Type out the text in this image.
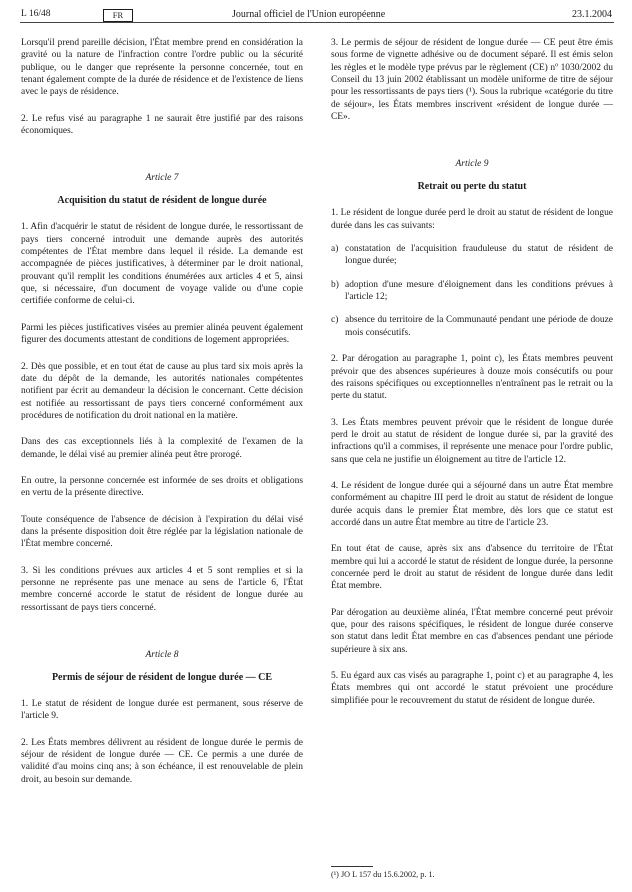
L 16/48	FR	Journal officiel de l'Union européenne	23.1.2004

Lorsqu'il prend pareille décision, l'État membre prend en considération la gravité ou la nature de l'infraction contre l'ordre public ou la sécurité publique, ou le danger que représente la personne concernée, tout en tenant également compte de la durée de résidence et de l'existence de liens avec le pays de résidence.

2. Le refus visé au paragraphe 1 ne saurait être justifié par des raisons économiques.

Article 7
Acquisition du statut de résident de longue durée

1. Afin d'acquérir le statut de résident de longue durée, le ressortissant de pays tiers concerné introduit une demande auprès des autorités compétentes de l'État membre dans lequel il réside. La demande est accompagnée de pièces justificatives, à déterminer par le droit national, prouvant qu'il remplit les conditions énumérées aux articles 4 et 5, ainsi que, si nécessaire, d'un document de voyage valide ou d'une copie certifiée conforme de celui-ci.

Parmi les pièces justificatives visées au premier alinéa peuvent également figurer des documents attestant de conditions de logement appropriées.

2. Dès que possible, et en tout état de cause au plus tard six mois après la date du dépôt de la demande, les autorités nationales compétentes notifient par écrit au demandeur la décision le concernant. Cette décision est notifiée au ressortissant de pays tiers concerné conformément aux procédures de notification du droit national en la matière.

Dans des cas exceptionnels liés à la complexité de l'examen de la demande, le délai visé au premier alinéa peut être prorogé.

En outre, la personne concernée est informée de ses droits et obligations en vertu de la présente directive.

Toute conséquence de l'absence de décision à l'expiration du délai visé dans la présente disposition doit être réglée par la législation nationale de l'État membre concerné.

3. Si les conditions prévues aux articles 4 et 5 sont remplies et si la personne ne représente pas une menace au sens de l'article 6, l'État membre concerné accorde le statut de résident de longue durée au ressortissant de pays tiers concerné.

Article 8
Permis de séjour de résident de longue durée — CE

1. Le statut de résident de longue durée est permanent, sous réserve de l'article 9.

2. Les États membres délivrent au résident de longue durée le permis de séjour de résident de longue durée — CE. Ce permis a une durée de validité d'au moins cinq ans; à son échéance, il est renouvelable de plein droit, au besoin sur demande.

3. Le permis de séjour de résident de longue durée — CE peut être émis sous forme de vignette adhésive ou de document séparé. Il est émis selon les règles et le modèle type prévus par le règlement (CE) nº 1030/2002 du Conseil du 13 juin 2002 établissant un modèle uniforme de titre de séjour pour les ressortissants de pays tiers (¹). Sous la rubrique «catégorie du titre de séjour», les États membres inscrivent «résident de longue durée — CE».

Article 9
Retrait ou perte du statut

1. Le résident de longue durée perd le droit au statut de résident de longue durée dans les cas suivants:

a) constatation de l'acquisition frauduleuse du statut de résident de longue durée;
b) adoption d'une mesure d'éloignement dans les conditions prévues à l'article 12;
c) absence du territoire de la Communauté pendant une période de douze mois consécutifs.

2. Par dérogation au paragraphe 1, point c), les États membres peuvent prévoir que des absences supérieures à douze mois consécutifs ou pour des raisons spécifiques ou exceptionnelles n'entraînent pas le retrait ou la perte du statut.

3. Les États membres peuvent prévoir que le résident de longue durée perd le droit au statut de résident de longue durée si, par la gravité des infractions qu'il a commises, il représente une menace pour l'ordre public, sans que cela ne justifie un éloignement au titre de l'article 12.

4. Le résident de longue durée qui a séjourné dans un autre État membre conformément au chapitre III perd le droit au statut de résident de longue durée acquis dans le premier État membre, dès lors que ce statut est accordé dans un autre État membre au titre de l'article 23.

En tout état de cause, après six ans d'absence du territoire de l'État membre qui lui a accordé le statut de résident de longue durée, la personne concernée perd le droit au statut de résident de longue durée dans ledit État membre.

Par dérogation au deuxième alinéa, l'État membre concerné peut prévoir que, pour des raisons spécifiques, le résident de longue durée conserve son statut dans ledit État membre en cas d'absences pendant une période supérieure à six ans.

5. Eu égard aux cas visés au paragraphe 1, point c) et au paragraphe 4, les États membres qui ont accordé le statut prévoient une procédure simplifiée pour le recouvrement du statut de résident de longue durée.

(¹) JO L 157 du 15.6.2002, p. 1.
